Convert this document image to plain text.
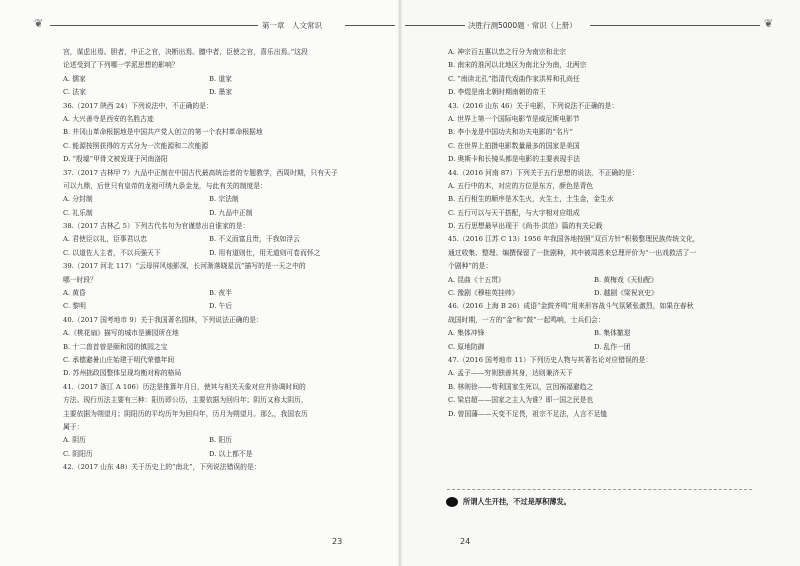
❦	第一章　人文常识	决胜行测5000题 · 常识（上册）	❦
宫，谋虑出焉。胆者，中正之官，决断出焉。膻中者，臣使之官，喜乐出焉。”这段
论述受到了下列哪一学派思想的影响？
A. 儒家	B. 道家
C. 法家	D. 墨家
36.（2017 陕西 24）下列说法中，不正确的是：
A. 大兴善寺是西安的名胜古迹
B. 井冈山革命根据地是中国共产党人创立的第一个农村革命根据地
C. 能源按照获得的方式分为一次能源和二次能源
D. “殷墟”甲骨文被发现于河南洛阳
37.（2017 吉林甲 7）九品中正制在中国古代最高统治者的专题教学，西周时期，只有天子
可以九鼎，后世只有皇帝的龙袍可绣九条金龙，与此有关的制度是：
A. 分封制	B. 宗法制
C. 礼乐制	D. 九品中正制
38.（2017 吉林乙 5）下列古代名句为官谨慈出自谁家的是：
A. 君使臣以礼，臣事君以忠	B. 不义而富且贵，于我如浮云
C. 以道佐人主者，不以兵强天下	D. 用有道则仕，用无道则可卷而怀之
39.（2017 河北 117）“云母屏风烛影深，长河渐落晓星沉”描写的是一天之中的
哪一时段？
A. 黄昏	B. 夜半
C. 黎明	D. 午后
40.（2017 国考地市 9）关于我国著名园林，下列说法正确的是：
A.《桃花扇》描写的城市是狮园所在地
B. 十二兽首曾是颐和园的镇园之宝
C. 承德避暑山庄始建于明代荣德年间
D. 苏州拙政园整体呈现均衡对称的格局
41.（2017 浙江 A 106）历法是推算年月日，使其与相关天象对应并协调时间的
方法。现行历法主要有三种：阳历即公历，主要依据为回归年；阴历又称太阴历，
主要依据为朔望月；阴阳历的平均历年为回归年，历月为朔望月。那么，我国农历
属于：
A. 阴历	B. 阳历
C. 阴阳历	D. 以上都不是
42.（2017 山东 48）关于历史上的“南北”，下列说法错误的是：
A. 神宗百五惠以忠之行分为南宗和北宗
B. 南宋的淮河以北地区为南北分为南，北两宗
C. “南读北孔”指清代戏曲作家洪昇和孔尚任
D. 李煜是南北朝时期南朝的帝王
43.（2016 山东 46）关于电影，下列说法不正确的是：
A. 世界上第一个国际电影节是威尼斯电影节
B. 李小龙是中国功夫和功夫电影的“名片”
C. 在世界上拍摄电影数量最多的国家是美国
D. 奥斯卡和长镜头都是电影的主要表现手法
44.（2016 河南 87）下列关于五行思想的说法，不正确的是：
A. 五行中的木，对应的方位是东方，颜色是青色
B. 五行相生的顺序是木生火，火生土，土生金，金生水
C. 五行可以与天干搭配，与大宇相对应组成
D. 五行思想最早出现于《尚书·洪范》篇的有关记载
45.（2016 江苏 C 13）1956 年我国各地按照“双百方针”积极整理民族传统文化，
通过收集、整理、编撰保留了一批剧种，其中被周恩来总理评价为“一出戏救活了一
个剧种”的是：
A. 昆曲《十五贯》	B. 黄梅戏《天仙配》
C. 豫剧《穆桂英挂帅》	D. 越剧《梁祝哀史》
46.（2016 上海 B 26）成语“金鼓齐鸣”用来形容战斗气氛紧张激烈，如果在春秋
战国时期，一方的“金”和“鼓”一起鸣响，士兵们会：
A. 集体冲锋	B. 集体撤退
C. 原地防御	D. 乱作一团
47.（2016 国考地市 11）下列历史人物与其著名论对应错误的是：
A. 孟子——穷则独善其身，达则兼济天下
B. 林则徐——苟利国家生死以，岂因祸福避趋之
C. 梁启超——国家之主人为谁？即一国之民是也
D. 曾国藩——天变不足畏，祖宗不足法，人言不足恤
所谓人生开挂，不过是厚积薄发。
23	24
